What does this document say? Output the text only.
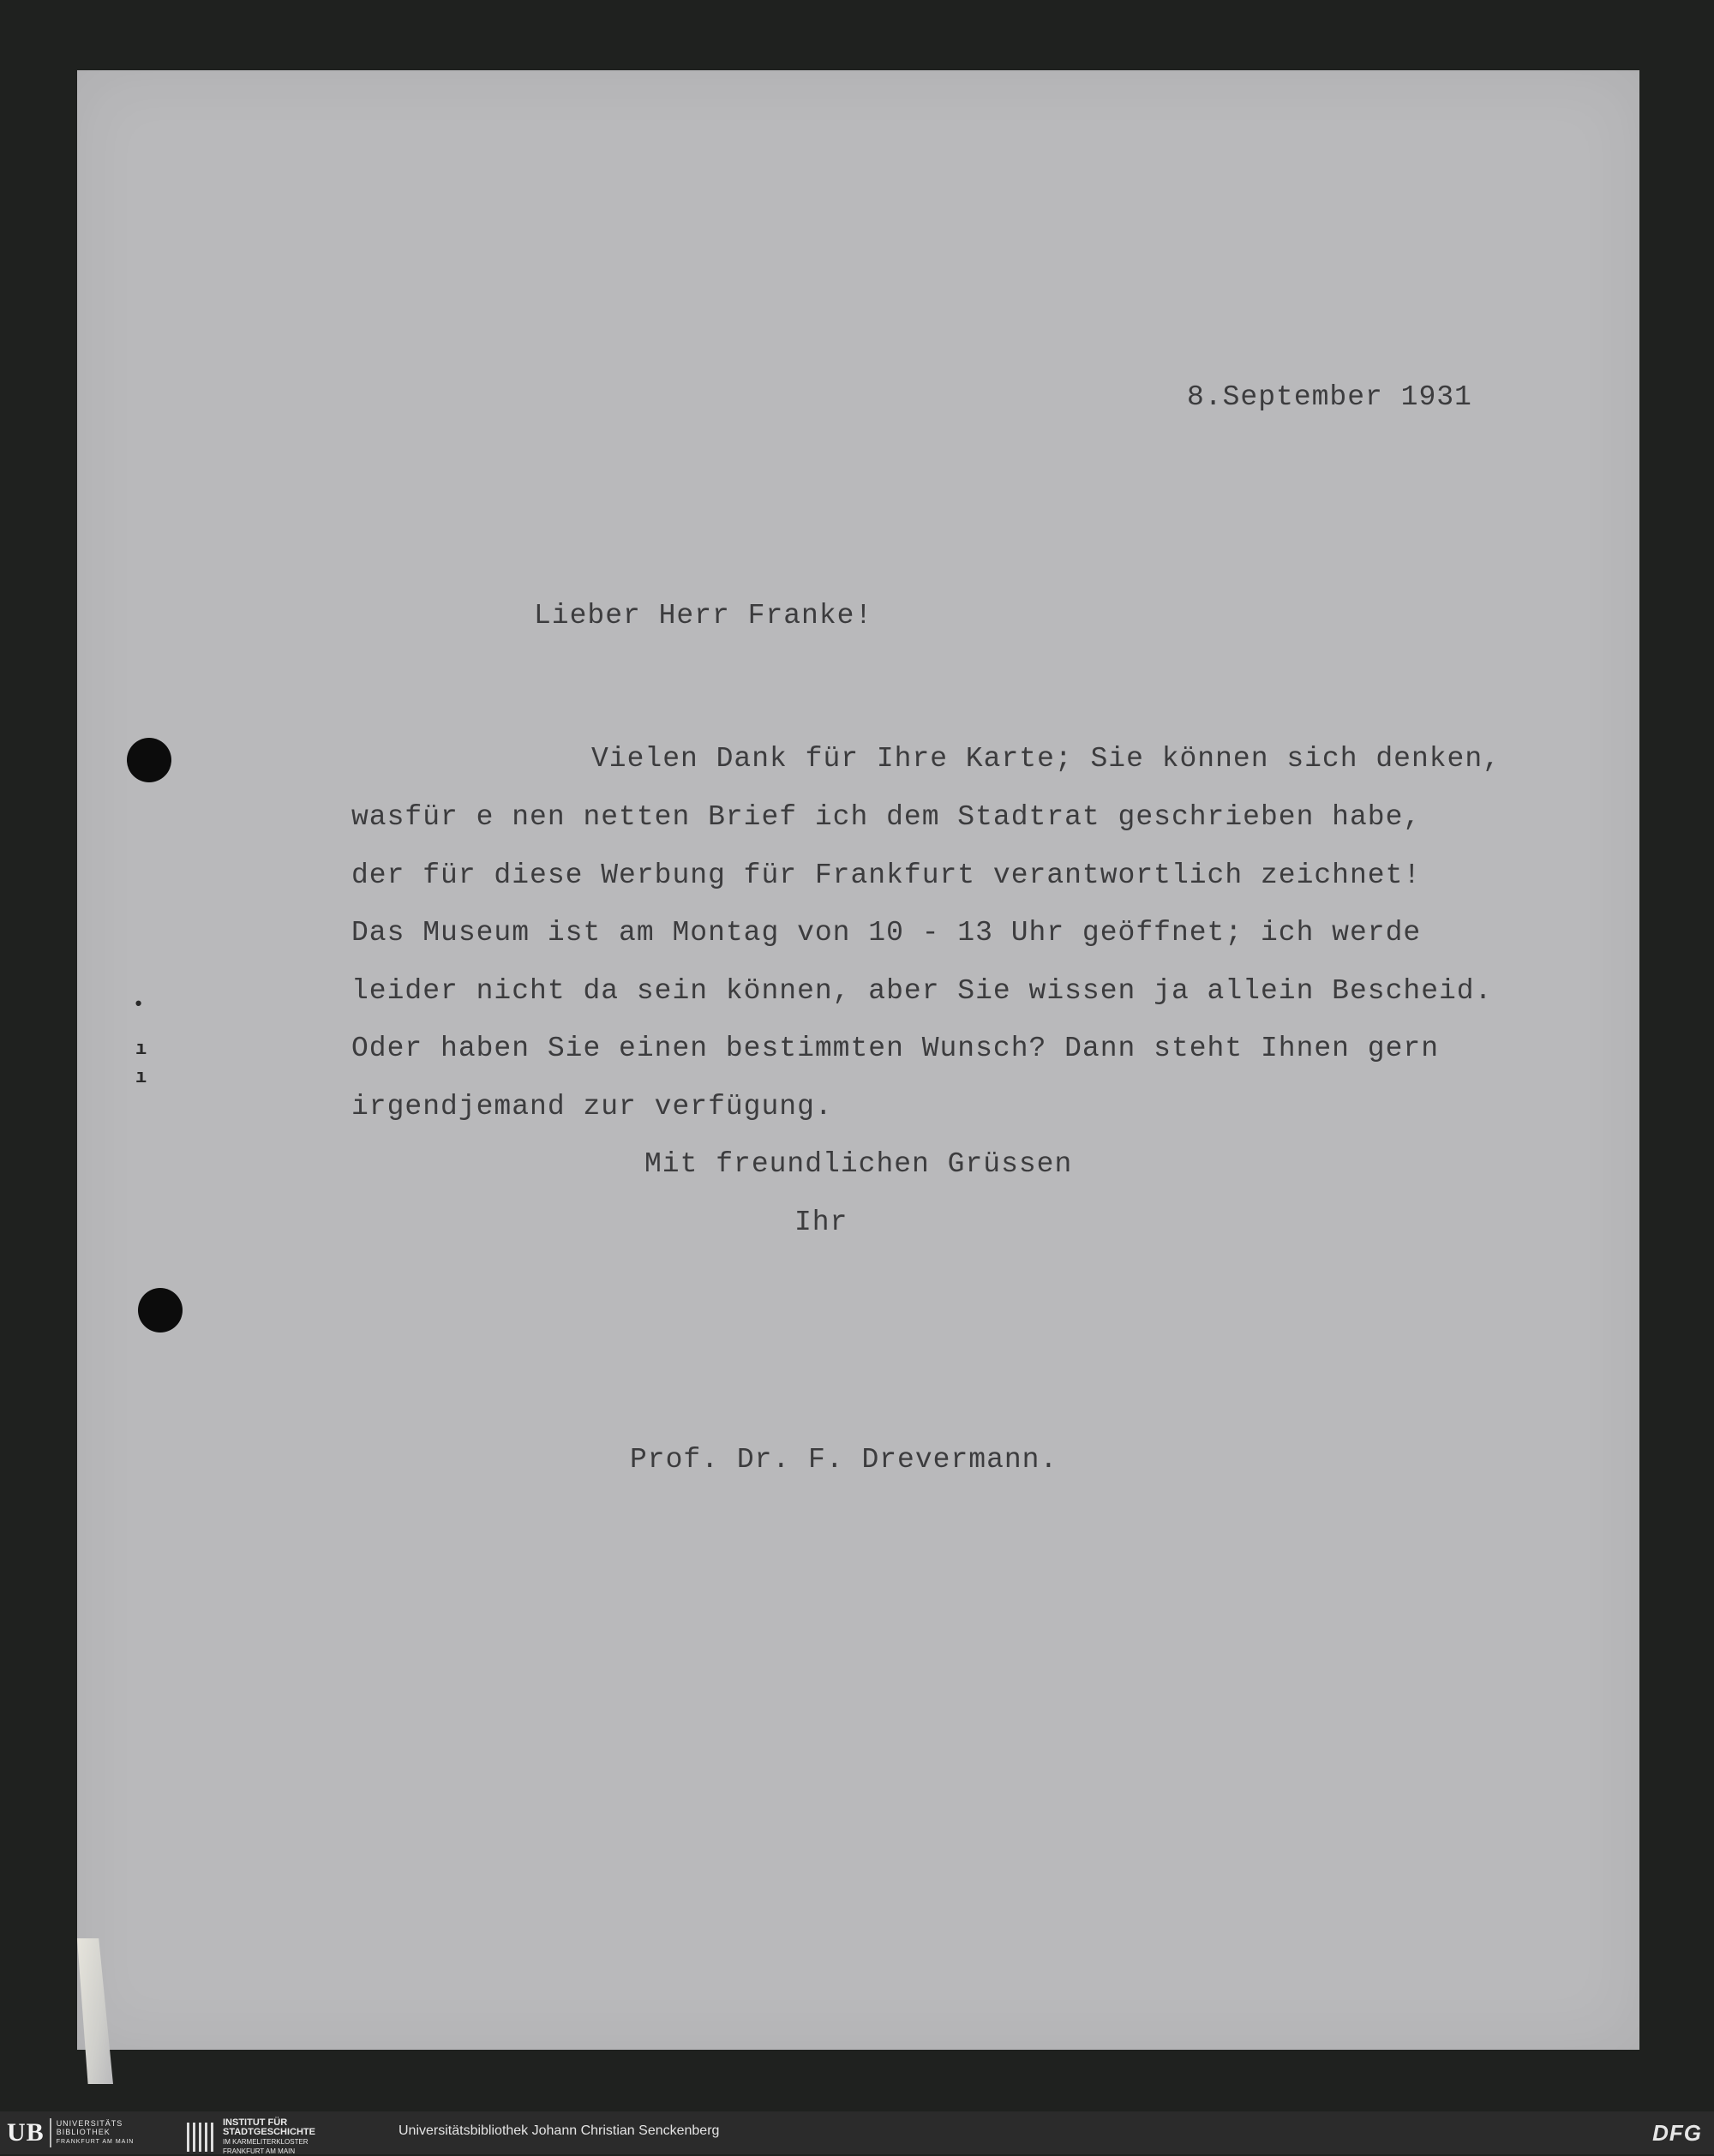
•
ı
ı
8.September 1931
Lieber Herr Franke!
Vielen Dank für Ihre Karte; Sie können sich denken,
wasfür e nen netten Brief ich dem Stadtrat geschrieben habe,
der für diese Werbung für Frankfurt verantwortlich zeichnet!
Das Museum ist am Montag von 10 - 13 Uhr geöffnet; ich werde
leider nicht da sein können, aber Sie wissen ja allein Bescheid.
Oder haben Sie einen bestimmten Wunsch? Dann steht Ihnen gern
irgendjemand zur verfügung.
Mit freundlichen Grüssen
Ihr
Prof. Dr. F. Drevermann.
UB	UNIVERSITÄTS
BIBLIOTHEK
FRANKFURT AM MAIN
INSTITUT FÜR
STADTGESCHICHTE
IM KARMELITERKLOSTER
FRANKFURT AM MAIN
Universitätsbibliothek Johann Christian Senckenberg	DFG
